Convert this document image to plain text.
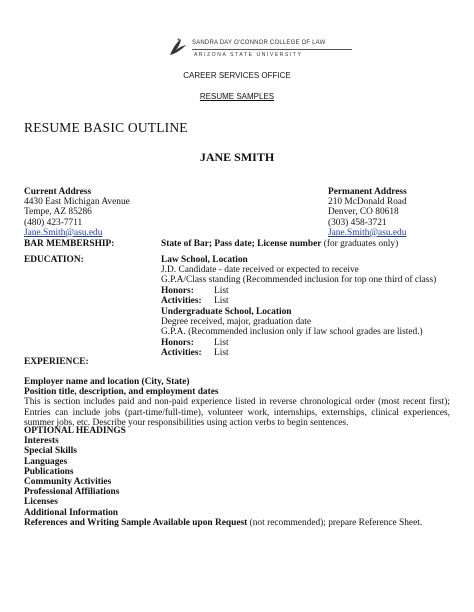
SANDRA DAY O'CONNOR COLLEGE OF LAW
ARIZONA STATE UNIVERSITY
CAREER SERVICES OFFICE
RESUME SAMPLES
RESUME BASIC OUTLINE
JANE SMITH
Current Address
4430 East Michigan Avenue
Tempe, AZ 85286
(480) 423-7711
Jane.Smith@asu.edu
Permanent Address
210 McDonald Road
Denver, CO 80618
(303) 458-3721
Jane.Smith@asu.edu
BAR MEMBERSHIP:	State of Bar; Pass date; License number (for graduates only)
EDUCATION:	Law School, Location
J.D. Candidate - date received or expected to receive
G.P.A/Class standing (Recommended inclusion for top one third of class)
Honors: List
Activities: List
Undergraduate School, Location
Degree received, major, graduation date
G.P.A. (Recommended inclusion only if law school grades are listed.)
Honors: List
Activities: List
EXPERIENCE:
Employer name and location (City, State)
Position title, description, and employment dates
This is section includes paid and non-paid experience listed in reverse chronological order (most recent first); Entries can include jobs (part-time/full-time), volunteer work, internships, externships, clinical experiences, summer jobs, etc. Describe your responsibilities using action verbs to begin sentences.
OPTIONAL HEADINGS
Interests
Special Skills
Languages
Publications
Community Activities
Professional Affiliations
Licenses
Additional Information
References and Writing Sample Available upon Request (not recommended); prepare Reference Sheet.
